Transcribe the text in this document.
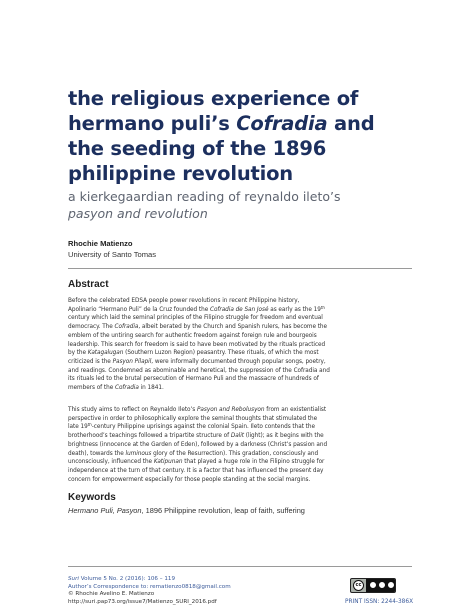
the religious experience of
hermano puli’s Cofradia and
the seeding of the 1896
philippine revolution
a kierkegaardian reading of reynaldo ileto’s
pasyon and revolution
Rhochie Matienzo
University of Santo Tomas
Abstract
Before the celebrated EDSA people power revolutions in recent Philippine history,
Apolinario “Hermano Puli” de la Cruz founded the Cofradia de San José as early as the 19th
century which laid the seminal principles of the Filipino struggle for freedom and eventual
democracy. The Cofradia, albeit berated by the Church and Spanish rulers, has become the
emblem of the untiring search for authentic freedom against foreign rule and bourgeois
leadership. This search for freedom is said to have been motivated by the rituals practiced
by the Katagalugan (Southern Luzon Region) peasantry. These rituals, of which the most
criticized is the Pasyon Pilapil, were informally documented through popular songs, poetry,
and readings. Condemned as abominable and heretical, the suppression of the Cofradia and
its rituals led to the brutal persecution of Hermano Puli and the massacre of hundreds of
members of the Cofradia in 1841.
This study aims to reflect on Reynaldo Ileto’s Pasyon and Rebolusyon from an existentialist
perspective in order to philosophically explore the seminal thoughts that stimulated the
late 19th-century Philippine uprisings against the colonial Spain. Ileto contends that the
brotherhood’s teachings followed a tripartite structure of Dalit (light); as it begins with the
brightness (innocence at the Garden of Eden), followed by a darkness (Christ’s passion and
death), towards the luminous glory of the Resurrection). This gradation, consciously and
unconsciously, influenced the Katipunan that played a huge role in the Filipino struggle for
independence at the turn of that century. It is a factor that has influenced the present day
concern for empowerment especially for those people standing at the social margins.
Keywords
Hermano Puli, Pasyon, 1896 Philippine revolution, leap of faith, suffering
Suri Volume 5 No. 2 (2016): 106 – 119
Author’s Correspondence to: rematienzo0818@gmail.com
© Rhochie Avelino E. Matienzo
http://suri.pap73.org/issue7/Matienzo_SURI_2016.pdf
cc
PRINT ISSN: 2244-386X
